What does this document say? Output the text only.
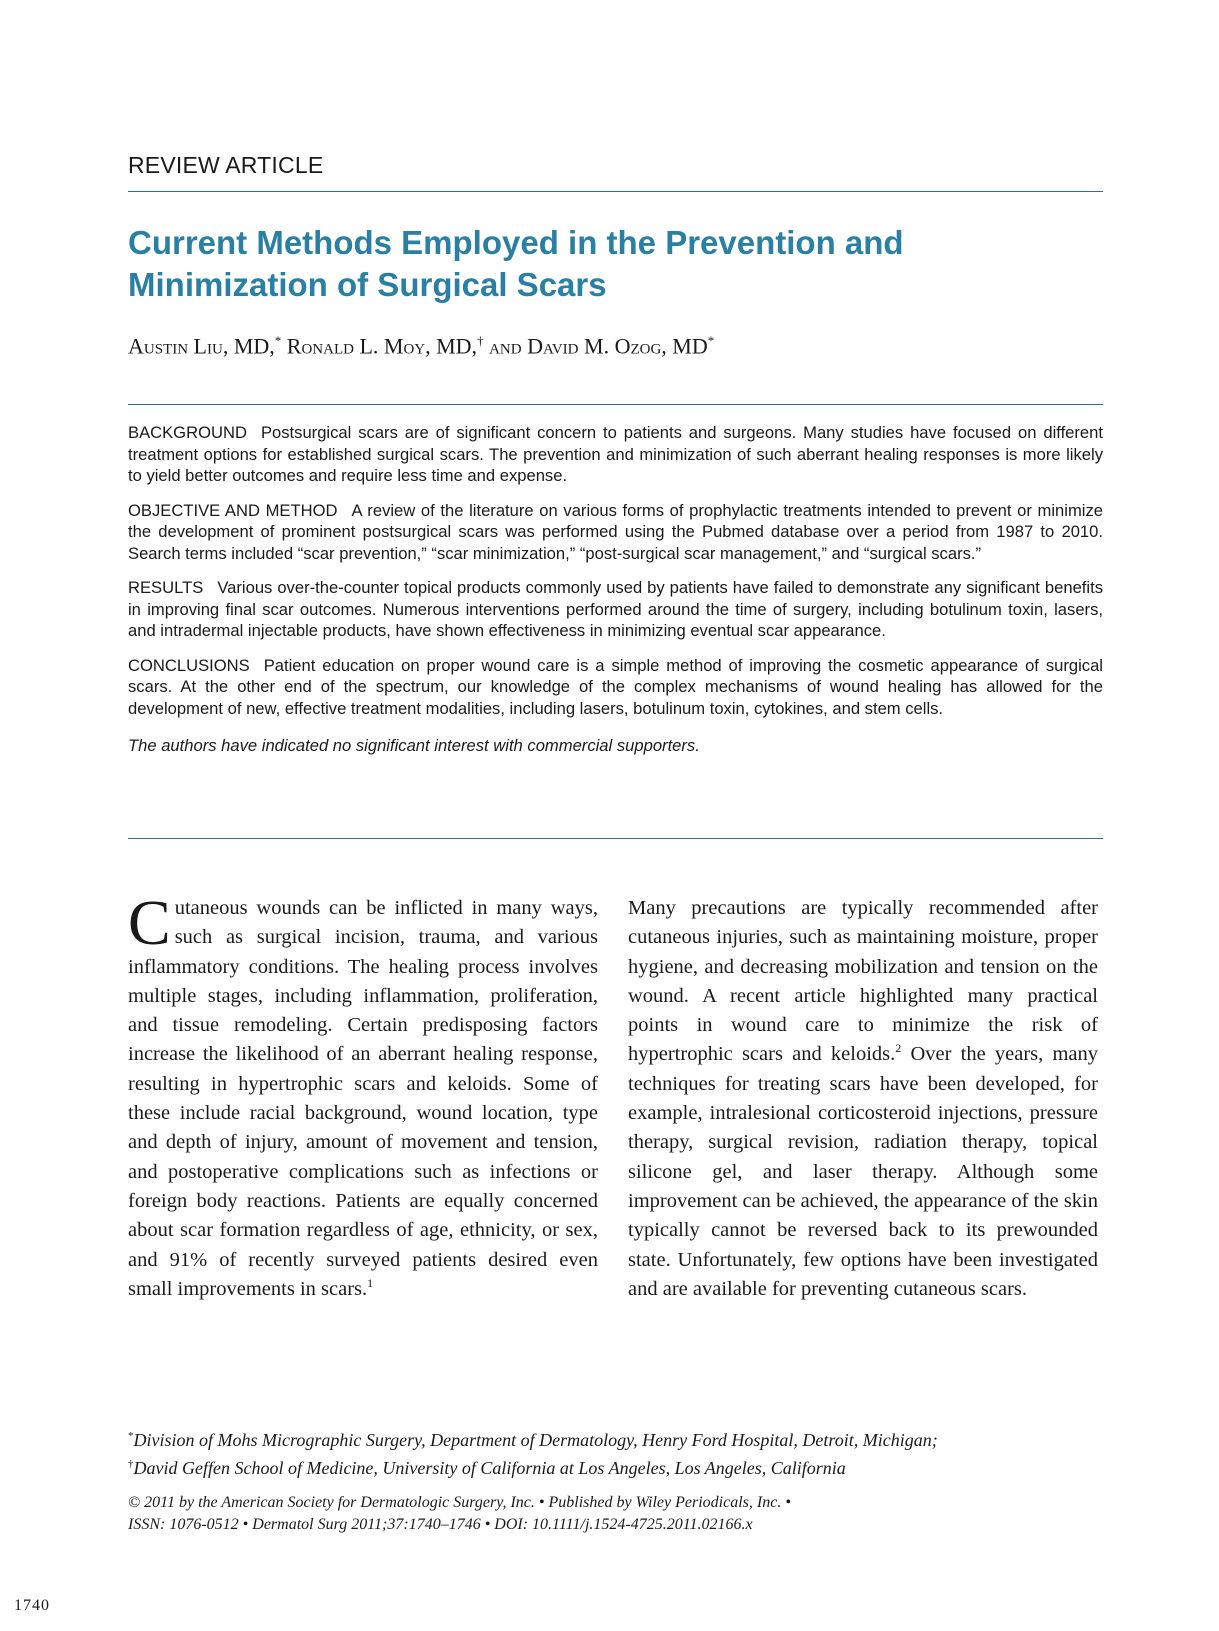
REVIEW ARTICLE
Current Methods Employed in the Prevention and
Minimization of Surgical Scars
Austin Liu, MD,* Ronald L. Moy, MD,† and David M. Ozog, MD*

BACKGROUND Postsurgical scars are of significant concern to patients and surgeons. Many studies have focused on different treatment options for established surgical scars. The prevention and minimization of such aberrant healing responses is more likely to yield better outcomes and require less time and expense.

OBJECTIVE AND METHOD A review of the literature on various forms of prophylactic treatments intended to prevent or minimize the development of prominent postsurgical scars was performed using the Pubmed database over a period from 1987 to 2010. Search terms included “scar prevention,” “scar minimization,” “post-surgical scar management,” and “surgical scars.”

RESULTS Various over-the-counter topical products commonly used by patients have failed to demonstrate any significant benefits in improving final scar outcomes. Numerous interventions performed around the time of surgery, including botulinum toxin, lasers, and intradermal injectable products, have shown effectiveness in minimizing eventual scar appearance.

CONCLUSIONS Patient education on proper wound care is a simple method of improving the cosmetic appearance of surgical scars. At the other end of the spectrum, our knowledge of the complex mechanisms of wound healing has allowed for the development of new, effective treatment modalities, including lasers, botulinum toxin, cytokines, and stem cells.

The authors have indicated no significant interest with commercial supporters.

Cutaneous wounds can be inflicted in many ways, such as surgical incision, trauma, and various inflammatory conditions. The healing process involves multiple stages, including inflammation, proliferation, and tissue remodeling. Certain predisposing factors increase the likelihood of an aberrant healing response, resulting in hypertrophic scars and keloids. Some of these include racial background, wound location, type and depth of injury, amount of movement and tension, and postoperative complications such as infections or foreign body reactions. Patients are equally concerned about scar formation regardless of age, ethnicity, or sex, and 91% of recently surveyed patients desired even small improvements in scars.$^1$

Many precautions are typically recommended after cutaneous injuries, such as maintaining moisture, proper hygiene, and decreasing mobilization and tension on the wound. A recent article highlighted many practical points in wound care to minimize the risk of hypertrophic scars and keloids.$^2$ Over the years, many techniques for treating scars have been developed, for example, intralesional corticosteroid injections, pressure therapy, surgical revision, radiation therapy, topical silicone gel, and laser therapy. Although some improvement can be achieved, the appearance of the skin typically cannot be reversed back to its prewounded state. Unfortunately, few options have been investigated and are available for preventing cutaneous scars.

*Division of Mohs Micrographic Surgery, Department of Dermatology, Henry Ford Hospital, Detroit, Michigan;

†David Geffen School of Medicine, University of California at Los Angeles, Los Angeles, California

© 2011 by the American Society for Dermatologic Surgery, Inc. • Published by Wiley Periodicals, Inc. •

ISSN: 1076-0512 • Dermatol Surg 2011;37:1740–1746 • DOI: 10.1111/j.1524-4725.2011.02166.x

1740
